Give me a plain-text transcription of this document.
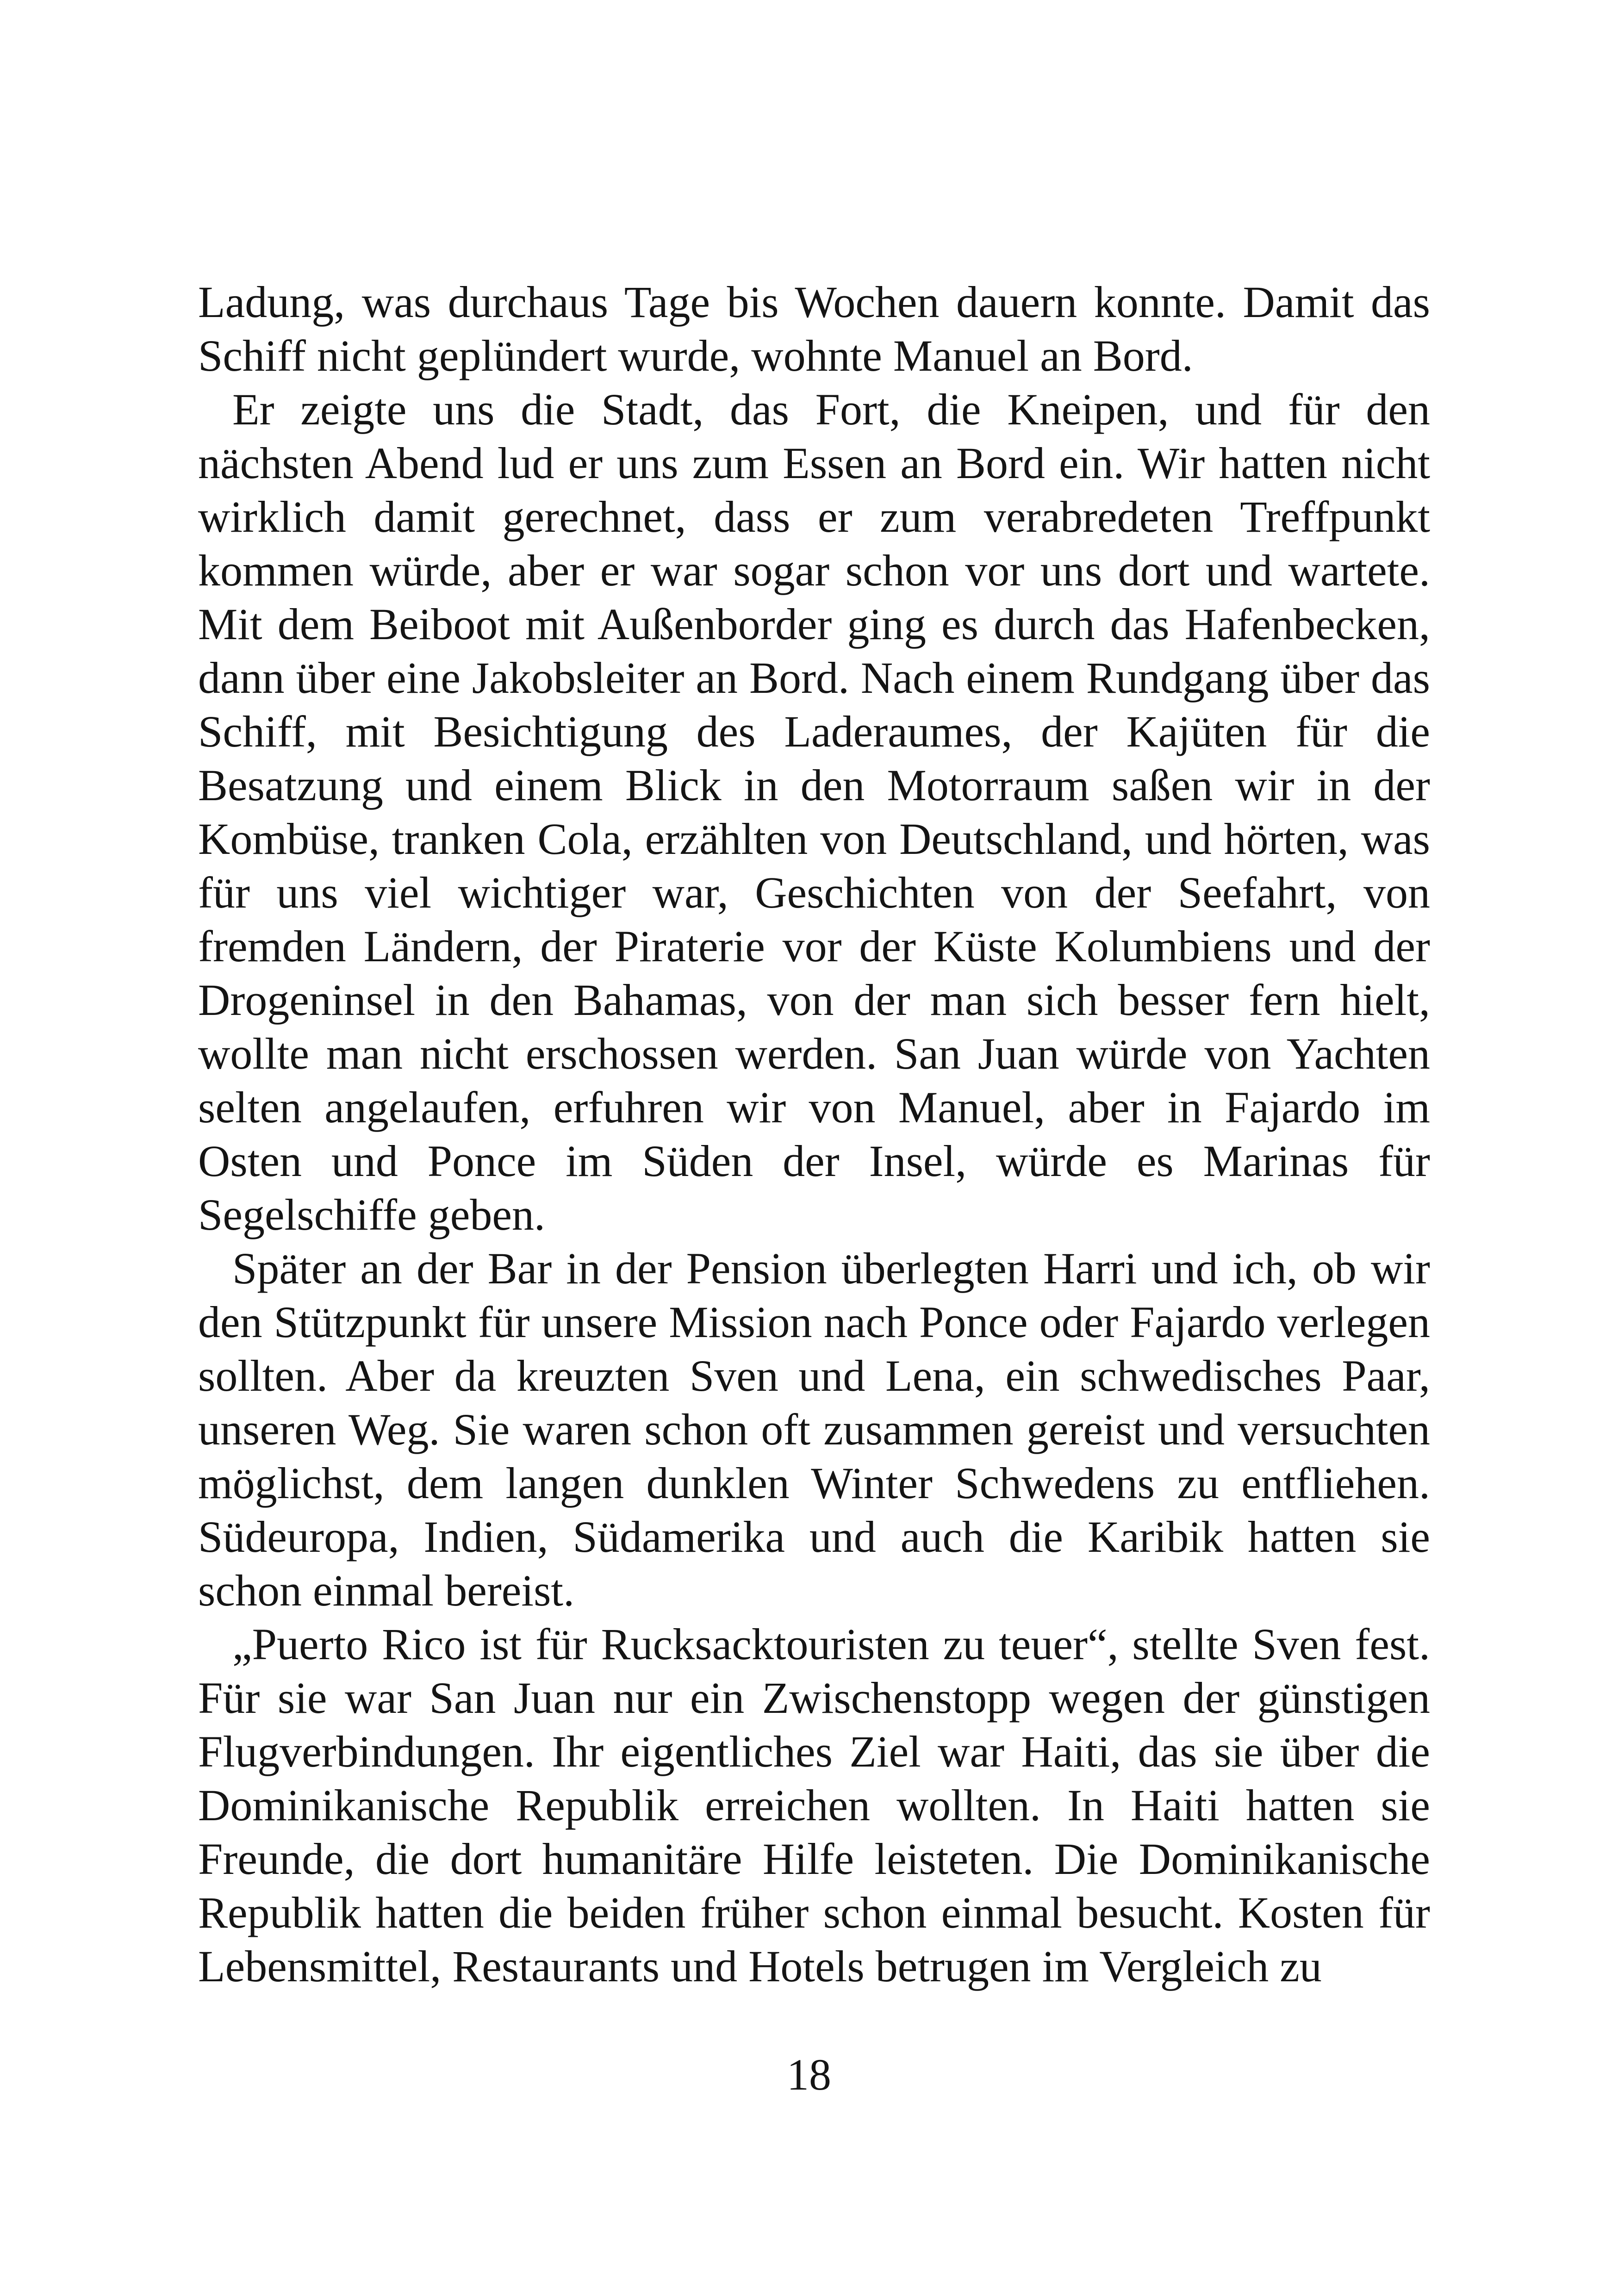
Ladung, was durchaus Tage bis Wochen dauern konnte. Damit das Schiff nicht geplündert wurde, wohnte Manuel an Bord.

Er zeigte uns die Stadt, das Fort, die Kneipen, und für den nächsten Abend lud er uns zum Essen an Bord ein. Wir hatten nicht wirklich damit gerechnet, dass er zum verabredeten Treffpunkt kommen würde, aber er war sogar schon vor uns dort und wartete. Mit dem Beiboot mit Außenborder ging es durch das Hafenbecken, dann über eine Jakobsleiter an Bord. Nach einem Rundgang über das Schiff, mit Besichtigung des Laderaumes, der Kajüten für die Besatzung und einem Blick in den Motorraum saßen wir in der Kombüse, tranken Cola, erzählten von Deutschland, und hörten, was für uns viel wichtiger war, Geschichten von der Seefahrt, von fremden Ländern, der Piraterie vor der Küste Kolumbiens und der Drogeninsel in den Bahamas, von der man sich besser fern hielt, wollte man nicht erschossen werden. San Juan würde von Yachten selten angelaufen, erfuhren wir von Manuel, aber in Fajardo im Osten und Ponce im Süden der Insel, würde es Marinas für Segelschiffe geben.

Später an der Bar in der Pension überlegten Harri und ich, ob wir den Stützpunkt für unsere Mission nach Ponce oder Fajardo verlegen sollten. Aber da kreuzten Sven und Lena, ein schwedisches Paar, unseren Weg. Sie waren schon oft zusammen gereist und versuchten möglichst, dem langen dunklen Winter Schwedens zu entfliehen. Südeuropa, Indien, Südamerika und auch die Karibik hatten sie schon einmal bereist.

„Puerto Rico ist für Rucksacktouristen zu teuer“, stellte Sven fest. Für sie war San Juan nur ein Zwischenstopp wegen der günstigen Flugverbindungen. Ihr eigentliches Ziel war Haiti, das sie über die Dominikanische Republik erreichen wollten. In Haiti hatten sie Freunde, die dort humanitäre Hilfe leisteten. Die Dominikanische Republik hatten die beiden früher schon einmal besucht. Kosten für Lebensmittel, Restaurants und Hotels betrugen im Vergleich zu

18
